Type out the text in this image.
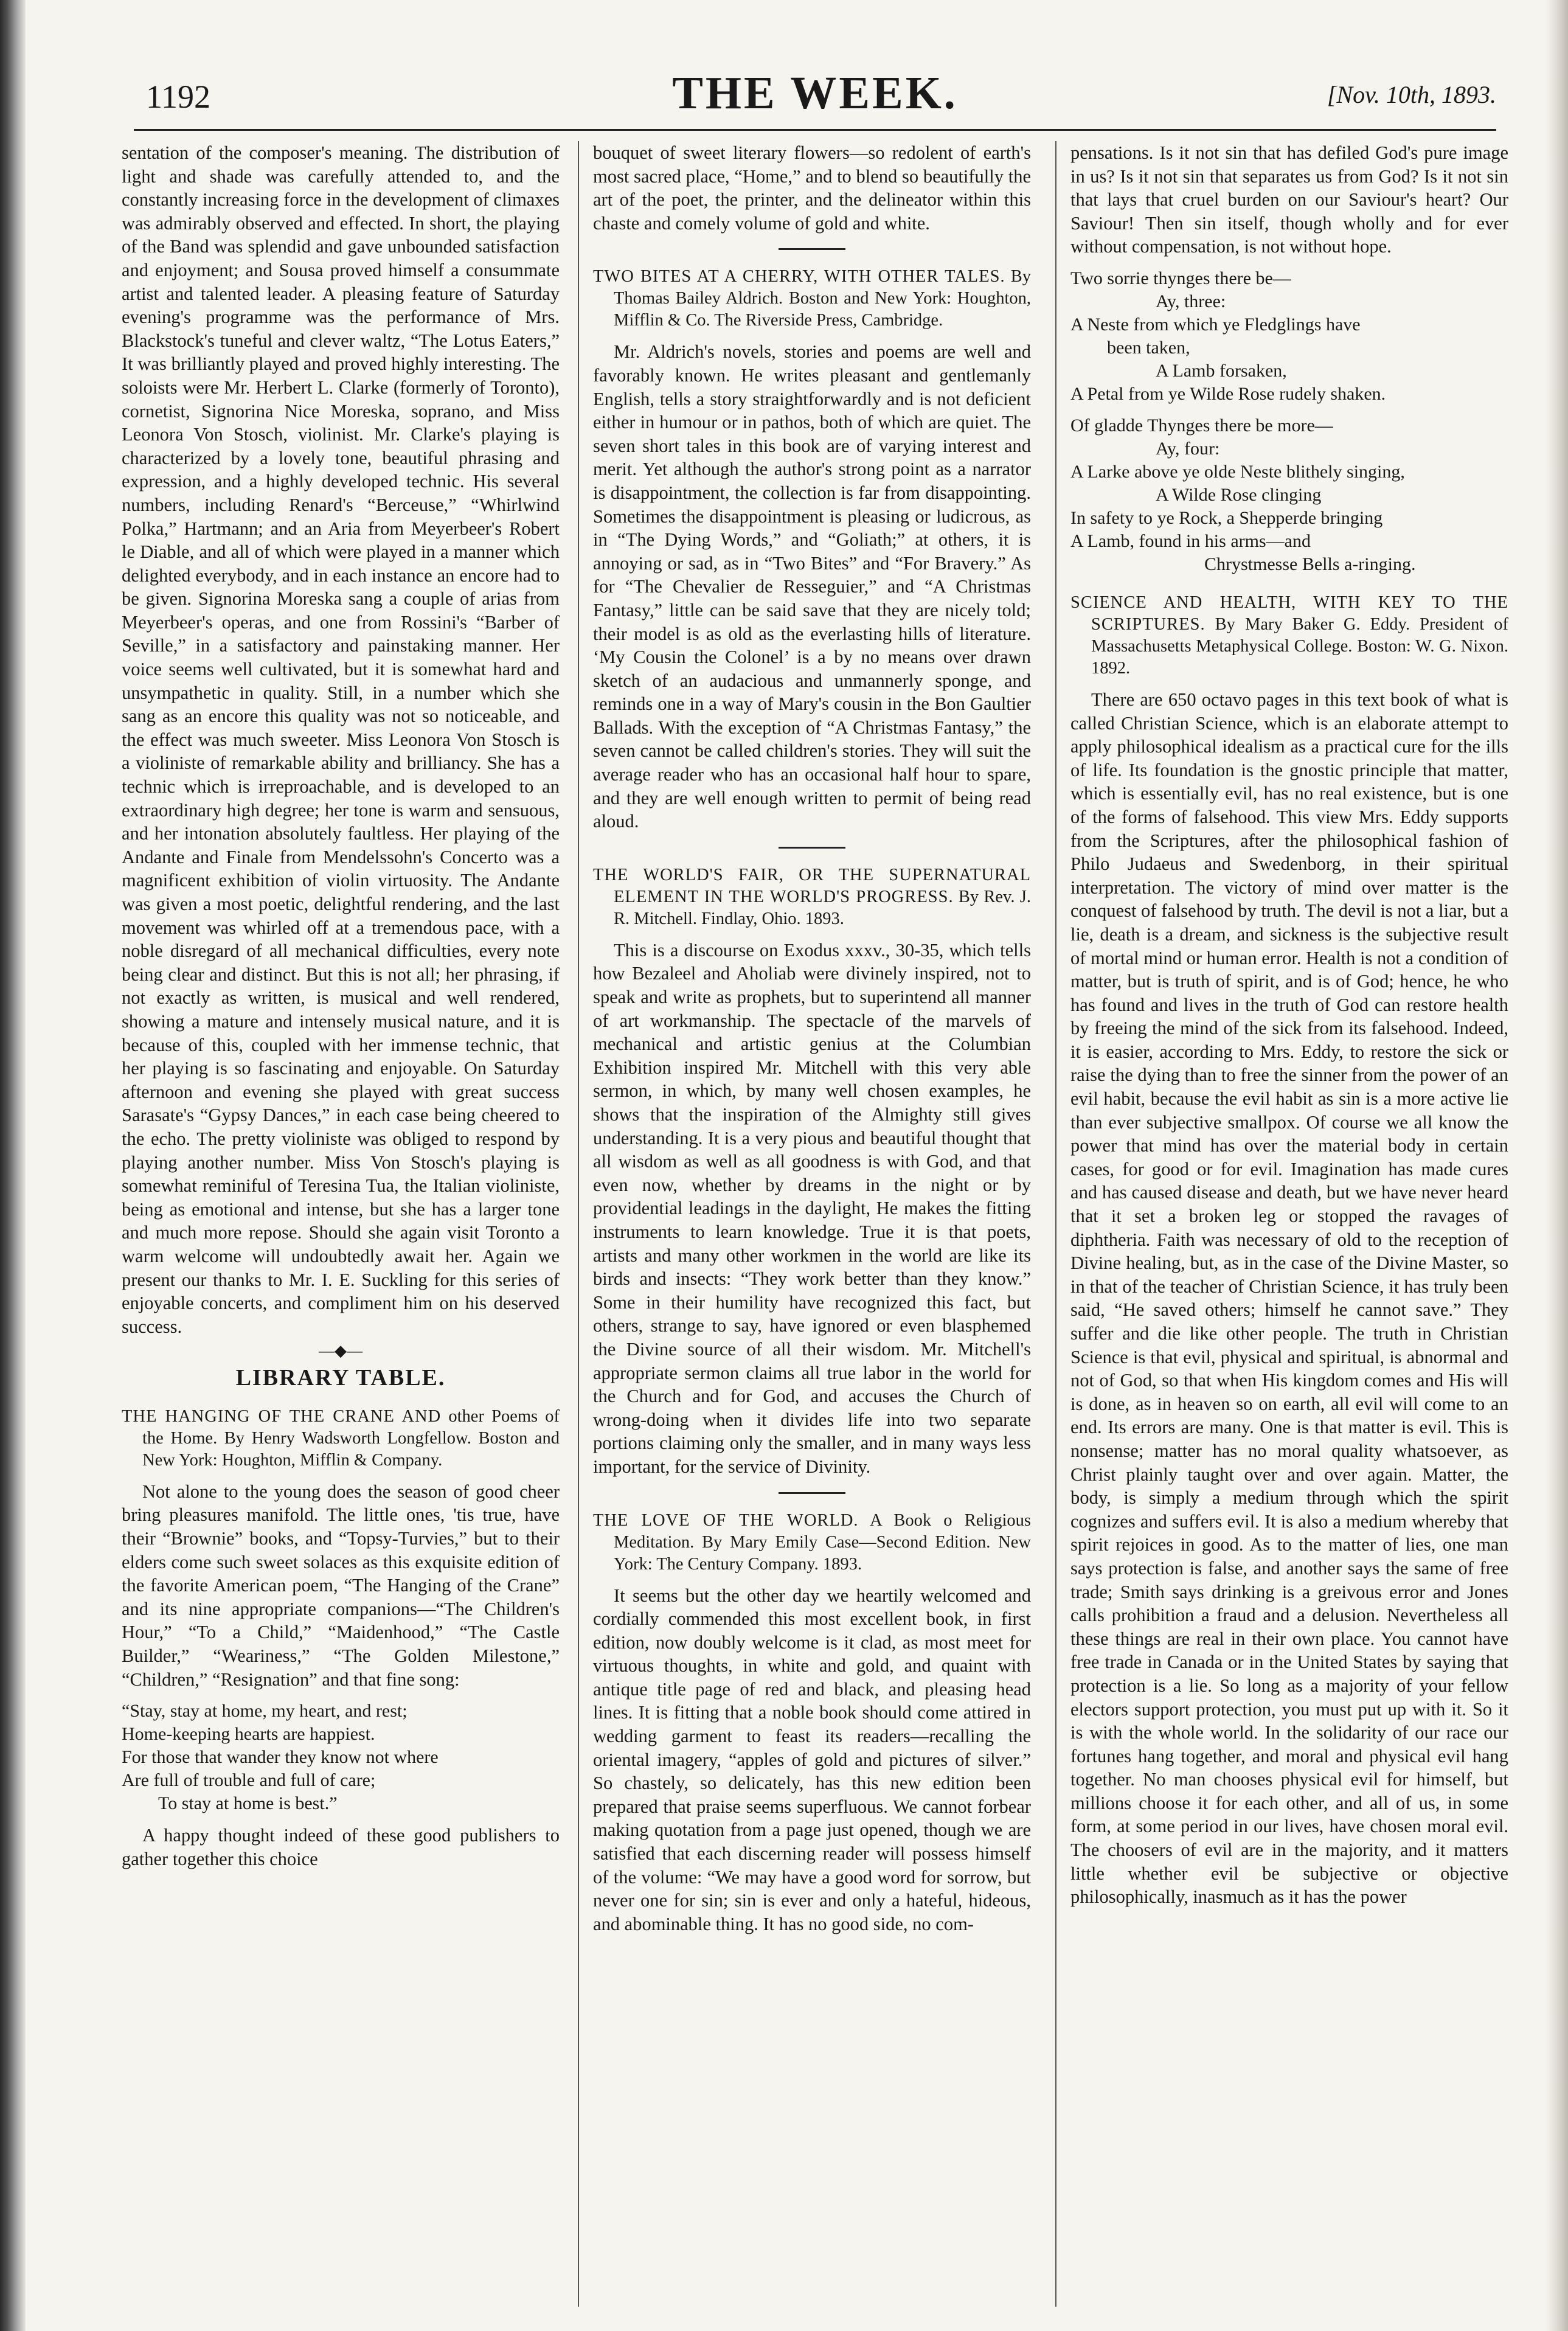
1192	THE WEEK.	[Nov. 10th, 1893.

sentation of the composer's meaning. The distribution of light and shade was carefully attended to, and the constantly increasing force in the development of climaxes was admirably observed and effected. In short, the playing of the Band was splendid and gave unbounded satisfaction and enjoyment; and Sousa proved himself a consummate artist and talented leader. A pleasing feature of Saturday evening's programme was the performance of Mrs. Blackstock's tuneful and clever waltz, “The Lotus Eaters,” It was brilliantly played and proved highly interesting. The soloists were Mr. Herbert L. Clarke (formerly of Toronto), cornetist, Signorina Nice Moreska, soprano, and Miss Leonora Von Stosch, violinist. Mr. Clarke's playing is characterized by a lovely tone, beautiful phrasing and expression, and a highly developed technic. His several numbers, including Renard's “Berceuse,” “Whirlwind Polka,” Hartmann; and an Aria from Meyerbeer's Robert le Diable, and all of which were played in a manner which delighted everybody, and in each instance an encore had to be given. Signorina Moreska sang a couple of arias from Meyerbeer's operas, and one from Rossini's “Barber of Seville,” in a satisfactory and painstaking manner. Her voice seems well cultivated, but it is somewhat hard and unsympathetic in quality. Still, in a number which she sang as an encore this quality was not so noticeable, and the effect was much sweeter. Miss Leonora Von Stosch is a violiniste of remarkable ability and brilliancy. She has a technic which is irreproachable, and is developed to an extraordinary high degree; her tone is warm and sensuous, and her intonation absolutely faultless. Her playing of the Andante and Finale from Mendelssohn's Concerto was a magnificent exhibition of violin virtuosity. The Andante was given a most poetic, delightful rendering, and the last movement was whirled off at a tremendous pace, with a noble disregard of all mechanical difficulties, every note being clear and distinct. But this is not all; her phrasing, if not exactly as written, is musical and well rendered, showing a mature and intensely musical nature, and it is because of this, coupled with her immense technic, that her playing is so fascinating and enjoyable. On Saturday afternoon and evening she played with great success Sarasate's “Gypsy Dances,” in each case being cheered to the echo. The pretty violiniste was obliged to respond by playing another number. Miss Von Stosch's playing is somewhat reminiful of Teresina Tua, the Italian violiniste, being as emotional and intense, but she has a larger tone and much more repose. Should she again visit Toronto a warm welcome will undoubtedly await her. Again we present our thanks to Mr. I. E. Suckling for this series of enjoyable concerts, and compliment him on his deserved success.

—◆—
LIBRARY TABLE.
THE HANGING OF THE CRANE AND other Poems of the Home. By Henry Wadsworth Longfellow. Boston and New York: Houghton, Mifflin & Company.

Not alone to the young does the season of good cheer bring pleasures manifold. The little ones, 'tis true, have their “Brownie” books, and “Topsy-Turvies,” but to their elders come such sweet solaces as this exquisite edition of the favorite American poem, “The Hanging of the Crane” and its nine appropriate companions—“The Children's Hour,” “To a Child,” “Maidenhood,” “The Castle Builder,” “Weariness,” “The Golden Milestone,” “Children,” “Resignation” and that fine song:

“Stay, stay at home, my heart, and rest;
Home-keeping hearts are happiest.
For those that wander they know not where
Are full of trouble and full of care;
To stay at home is best.”

A happy thought indeed of these good publishers to gather together this choice

bouquet of sweet literary flowers—so redolent of earth's most sacred place, “Home,” and to blend so beautifully the art of the poet, the printer, and the delineator within this chaste and comely volume of gold and white.

TWO BITES AT A CHERRY, WITH OTHER TALES. By Thomas Bailey Aldrich. Boston and New York: Houghton, Mifflin & Co. The Riverside Press, Cambridge.

Mr. Aldrich's novels, stories and poems are well and favorably known. He writes pleasant and gentlemanly English, tells a story straightforwardly and is not deficient either in humour or in pathos, both of which are quiet. The seven short tales in this book are of varying interest and merit. Yet although the author's strong point as a narrator is disappointment, the collection is far from disappointing. Sometimes the disappointment is pleasing or ludicrous, as in “The Dying Words,” and “Goliath;” at others, it is annoying or sad, as in “Two Bites” and “For Bravery.” As for “The Chevalier de Resseguier,” and “A Christmas Fantasy,” little can be said save that they are nicely told; their model is as old as the everlasting hills of literature. ‘My Cousin the Colonel’ is a by no means over drawn sketch of an audacious and unmannerly sponge, and reminds one in a way of Mary's cousin in the Bon Gaultier Ballads. With the exception of “A Christmas Fantasy,” the seven cannot be called children's stories. They will suit the average reader who has an occasional half hour to spare, and they are well enough written to permit of being read aloud.

THE WORLD'S FAIR, OR THE SUPERNATURAL ELEMENT IN THE WORLD'S PROGRESS. By Rev. J. R. Mitchell. Findlay, Ohio. 1893.

This is a discourse on Exodus xxxv., 30-35, which tells how Bezaleel and Aholiab were divinely inspired, not to speak and write as prophets, but to superintend all manner of art workmanship. The spectacle of the marvels of mechanical and artistic genius at the Columbian Exhibition inspired Mr. Mitchell with this very able sermon, in which, by many well chosen examples, he shows that the inspiration of the Almighty still gives understanding. It is a very pious and beautiful thought that all wisdom as well as all goodness is with God, and that even now, whether by dreams in the night or by providential leadings in the daylight, He makes the fitting instruments to learn knowledge. True it is that poets, artists and many other workmen in the world are like its birds and insects: “They work better than they know.” Some in their humility have recognized this fact, but others, strange to say, have ignored or even blasphemed the Divine source of all their wisdom. Mr. Mitchell's appropriate sermon claims all true labor in the world for the Church and for God, and accuses the Church of wrong-doing when it divides life into two separate portions claiming only the smaller, and in many ways less important, for the service of Divinity.

THE LOVE OF THE WORLD. A Book o Religious Meditation. By Mary Emily Case—Second Edition. New York: The Century Company. 1893.

It seems but the other day we heartily welcomed and cordially commended this most excellent book, in first edition, now doubly welcome is it clad, as most meet for virtuous thoughts, in white and gold, and quaint with antique title page of red and black, and pleasing head lines. It is fitting that a noble book should come attired in wedding garment to feast its readers—recalling the oriental imagery, “apples of gold and pictures of silver.” So chastely, so delicately, has this new edition been prepared that praise seems superfluous. We cannot forbear making quotation from a page just opened, though we are satisfied that each discerning reader will possess himself of the volume: “We may have a good word for sorrow, but never one for sin; sin is ever and only a hateful, hideous, and abominable thing. It has no good side, no com-

pensations. Is it not sin that has defiled God's pure image in us? Is it not sin that separates us from God? Is it not sin that lays that cruel burden on our Saviour's heart? Our Saviour! Then sin itself, though wholly and for ever without compensation, is not without hope.

Two sorrie thynges there be—
Ay, three:
A Neste from which ye Fledglings have
been taken,
A Lamb forsaken,
A Petal from ye Wilde Rose rudely shaken.
Of gladde Thynges there be more—
Ay, four:
A Larke above ye olde Neste blithely singing,
A Wilde Rose clinging
In safety to ye Rock, a Shepperde bringing
A Lamb, found in his arms—and
Chrystmesse Bells a-ringing.
SCIENCE AND HEALTH, WITH KEY TO THE SCRIPTURES. By Mary Baker G. Eddy. President of Massachusetts Metaphysical College. Boston: W. G. Nixon. 1892.

There are 650 octavo pages in this text book of what is called Christian Science, which is an elaborate attempt to apply philosophical idealism as a practical cure for the ills of life. Its foundation is the gnostic principle that matter, which is essentially evil, has no real existence, but is one of the forms of falsehood. This view Mrs. Eddy supports from the Scriptures, after the philosophical fashion of Philo Judaeus and Swedenborg, in their spiritual interpretation. The victory of mind over matter is the conquest of falsehood by truth. The devil is not a liar, but a lie, death is a dream, and sickness is the subjective result of mortal mind or human error. Health is not a condition of matter, but is truth of spirit, and is of God; hence, he who has found and lives in the truth of God can restore health by freeing the mind of the sick from its falsehood. Indeed, it is easier, according to Mrs. Eddy, to restore the sick or raise the dying than to free the sinner from the power of an evil habit, because the evil habit as sin is a more active lie than ever subjective smallpox. Of course we all know the power that mind has over the material body in certain cases, for good or for evil. Imagination has made cures and has caused disease and death, but we have never heard that it set a broken leg or stopped the ravages of diphtheria. Faith was necessary of old to the reception of Divine healing, but, as in the case of the Divine Master, so in that of the teacher of Christian Science, it has truly been said, “He saved others; himself he cannot save.” They suffer and die like other people. The truth in Christian Science is that evil, physical and spiritual, is abnormal and not of God, so that when His kingdom comes and His will is done, as in heaven so on earth, all evil will come to an end. Its errors are many. One is that matter is evil. This is nonsense; matter has no moral quality whatsoever, as Christ plainly taught over and over again. Matter, the body, is simply a medium through which the spirit cognizes and suffers evil. It is also a medium whereby that spirit rejoices in good. As to the matter of lies, one man says protection is false, and another says the same of free trade; Smith says drinking is a greivous error and Jones calls prohibition a fraud and a delusion. Nevertheless all these things are real in their own place. You cannot have free trade in Canada or in the United States by saying that protection is a lie. So long as a majority of your fellow electors support protection, you must put up with it. So it is with the whole world. In the solidarity of our race our fortunes hang together, and moral and physical evil hang together. No man chooses physical evil for himself, but millions choose it for each other, and all of us, in some form, at some period in our lives, have chosen moral evil. The choosers of evil are in the majority, and it matters little whether evil be subjective or objective philosophically, inasmuch as it has the power
